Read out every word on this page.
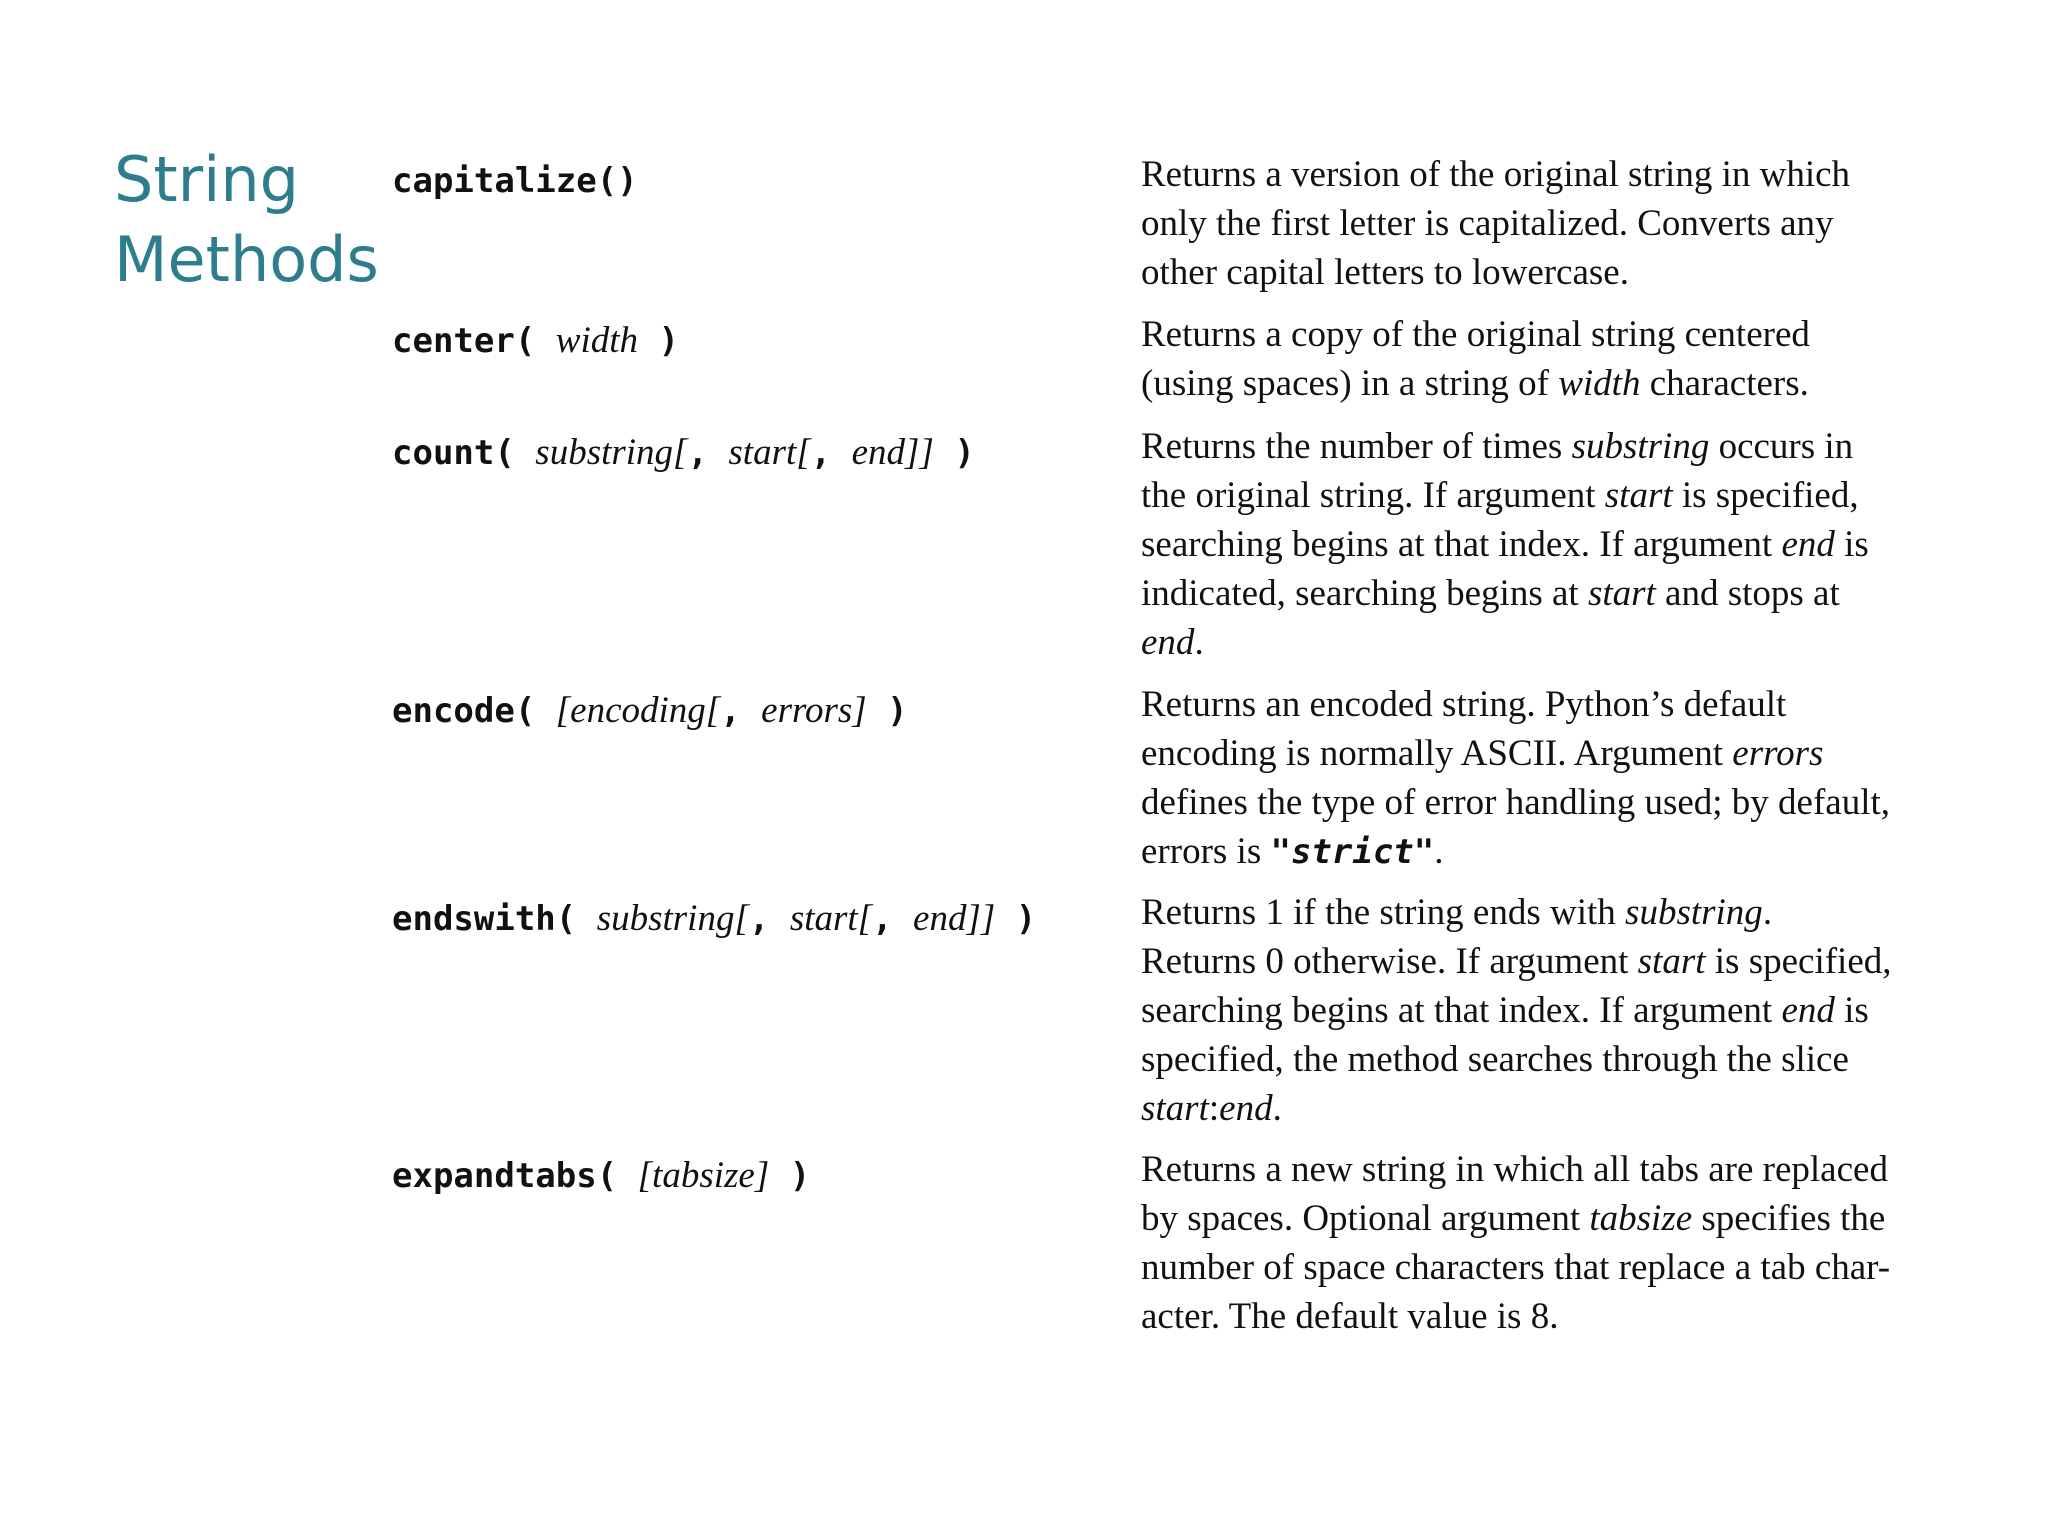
String
Methods
capitalize()	Returns a version of the original string in which
only the first letter is capitalized. Converts any
other capital letters to lowercase.
center( width )	Returns a copy of the original string centered
(using spaces) in a string of width characters.
count( substring[, start[, end]] )	Returns the number of times substring occurs in
the original string. If argument start is specified,
searching begins at that index. If argument end is
indicated, searching begins at start and stops at
end.
encode( [encoding[, errors] )	Returns an encoded string. Python’s default
encoding is normally ASCII. Argument errors
defines the type of error handling used; by default,
errors is "strict".
endswith( substring[, start[, end]] )	Returns 1 if the string ends with substring.
Returns 0 otherwise. If argument start is specified,
searching begins at that index. If argument end is
specified, the method searches through the slice
start:end.
expandtabs( [tabsize] )	Returns a new string in which all tabs are replaced
by spaces. Optional argument tabsize specifies the
number of space characters that replace a tab char-
acter. The default value is 8.
